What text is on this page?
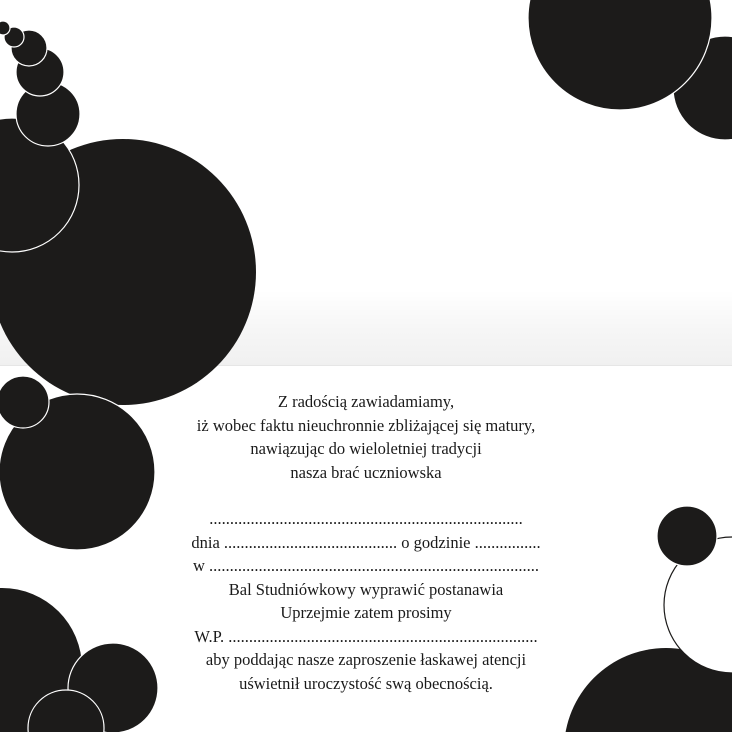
Z radością zawiadamiamy,
iż wobec faktu nieuchronnie zbliżającej się matury,
nawiązując do wieloletniej tradycji
nasza brać uczniowska
............................................................................
dnia .......................................... o godzinie ................
w ................................................................................
Bal Studniówkowy wyprawić postanawia
Uprzejmie zatem prosimy
W.P. ...........................................................................
aby poddając nasze zaproszenie łaskawej atencji
uświetnił uroczystość swą obecnością.
